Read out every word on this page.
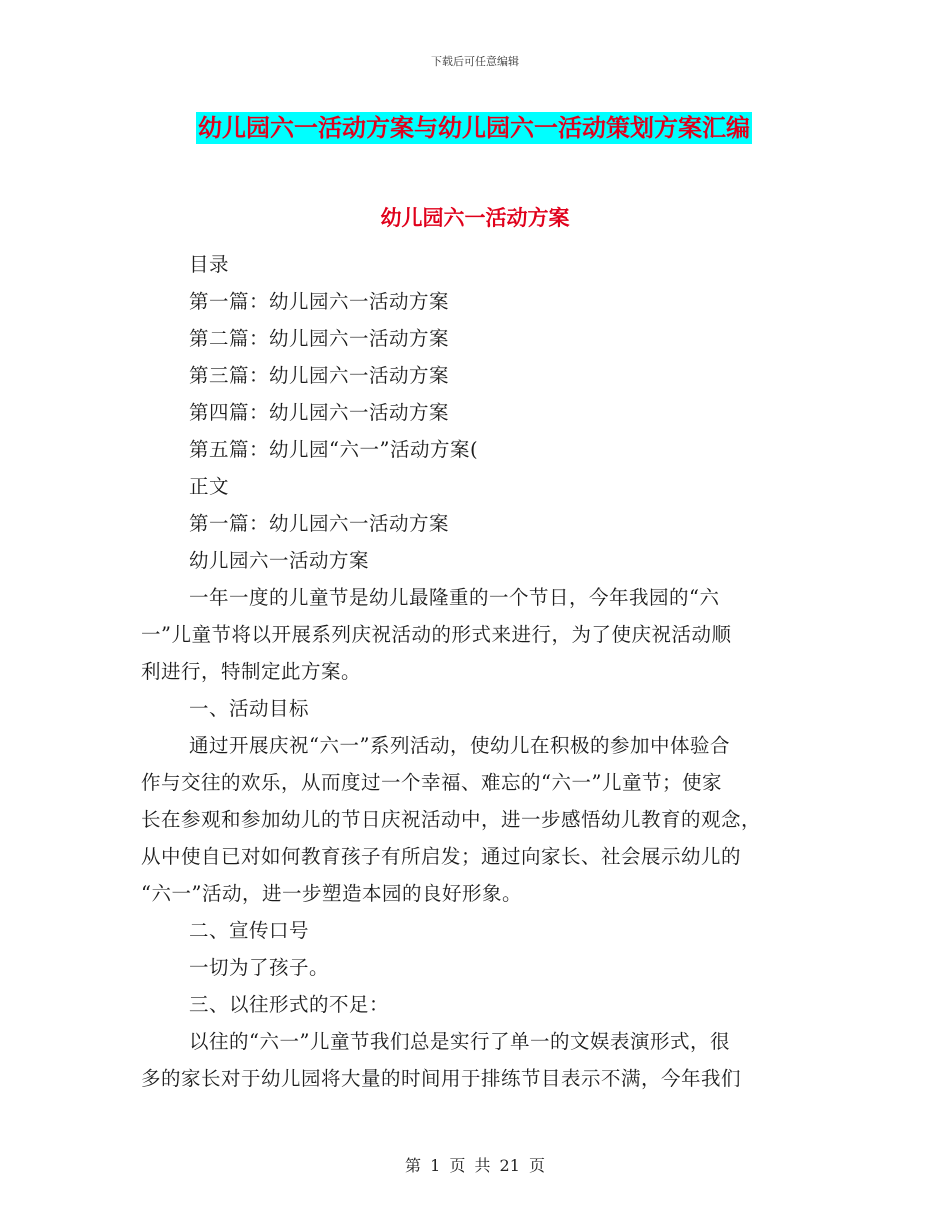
下载后可任意编辑
幼儿园六一活动方案与幼儿园六一活动策划方案汇编
幼儿园六一活动方案
目录
第一篇：幼儿园六一活动方案
第二篇：幼儿园六一活动方案
第三篇：幼儿园六一活动方案
第四篇：幼儿园六一活动方案
第五篇：幼儿园“六一”活动方案(
正文
第一篇：幼儿园六一活动方案
幼儿园六一活动方案
一年一度的儿童节是幼儿最隆重的一个节日，今年我园的“六
一”儿童节将以开展系列庆祝活动的形式来进行，为了使庆祝活动顺
利进行，特制定此方案。
一、活动目标
通过开展庆祝“六一”系列活动，使幼儿在积极的参加中体验合
作与交往的欢乐，从而度过一个幸福、难忘的“六一”儿童节；使家
长在参观和参加幼儿的节日庆祝活动中，进一步感悟幼儿教育的观念，
从中使自已对如何教育孩子有所启发；通过向家长、社会展示幼儿的
“六一”活动，进一步塑造本园的良好形象。
二、宣传口号
一切为了孩子。
三、以往形式的不足：
以往的“六一”儿童节我们总是实行了单一的文娱表演形式，很
多的家长对于幼儿园将大量的时间用于排练节目表示不满，今年我们
第 1 页 共 21 页
